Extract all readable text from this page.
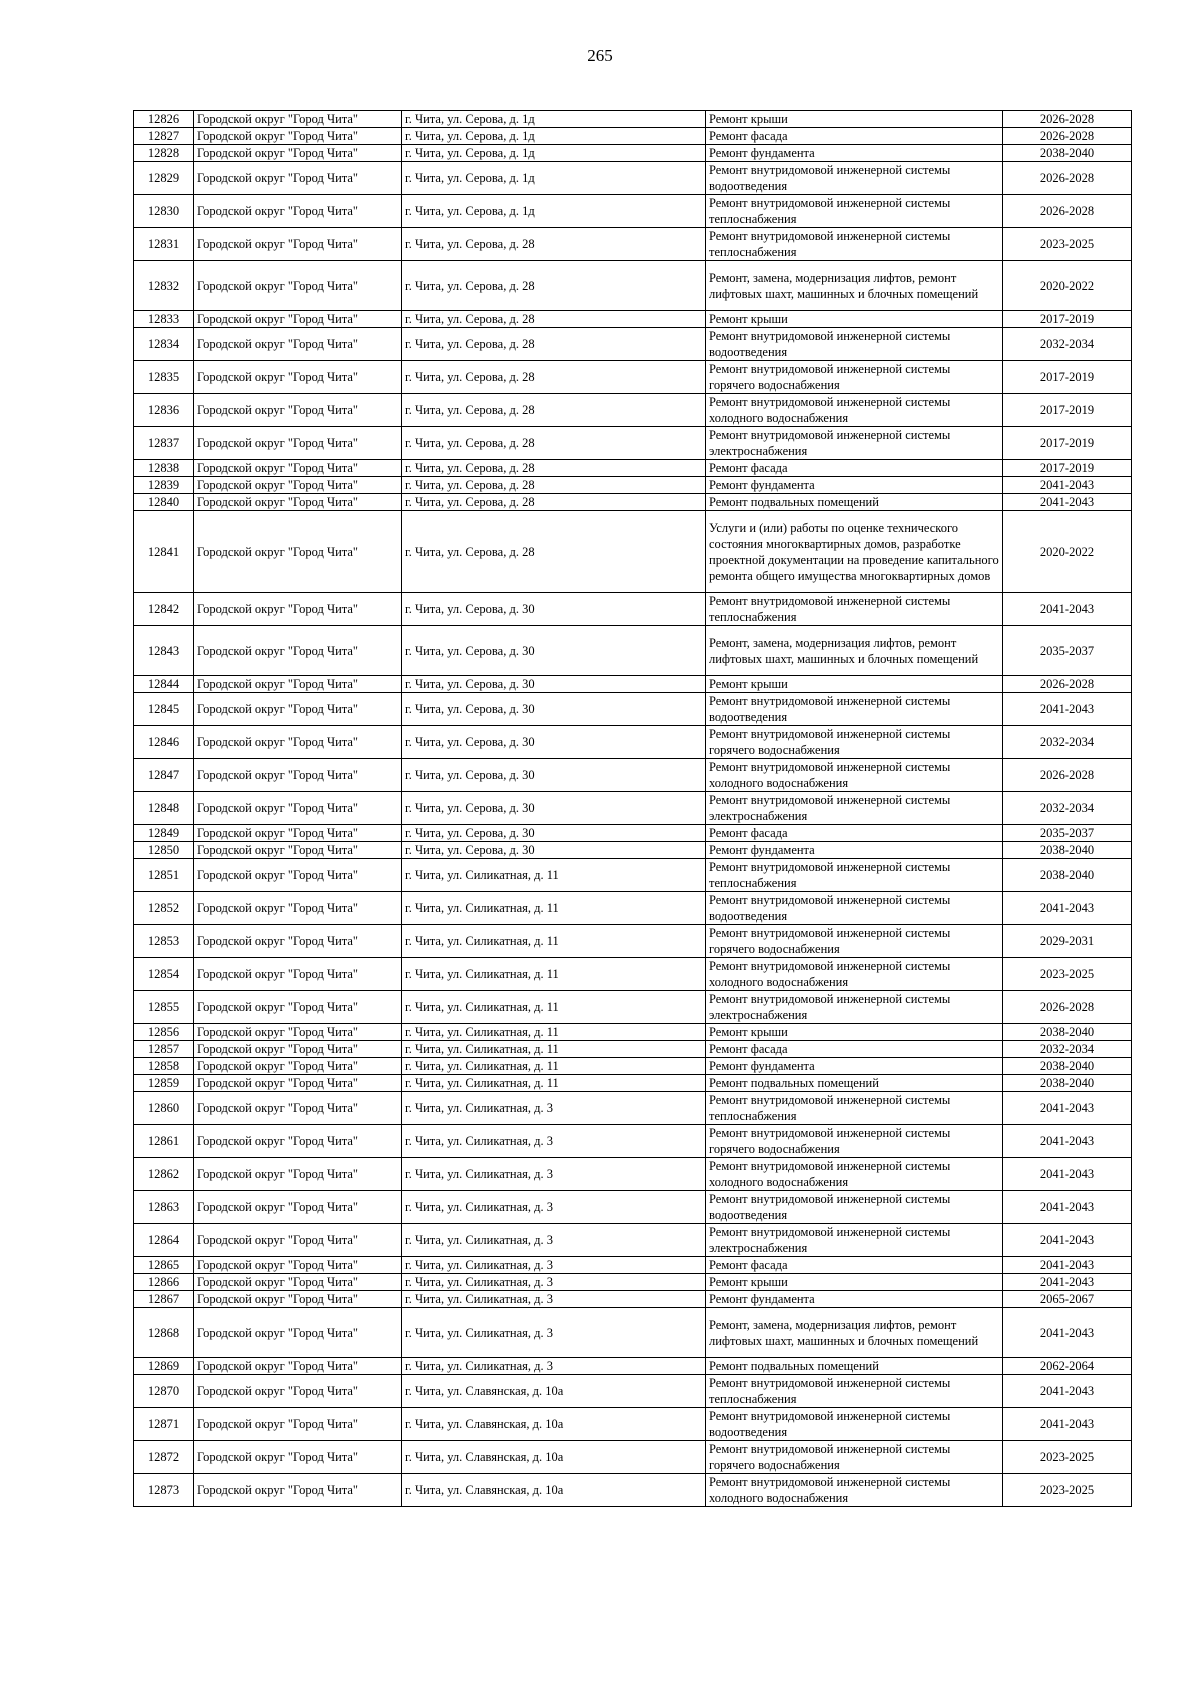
265
12826	Городской округ "Город Чита"	г. Чита, ул. Серова, д. 1д	Ремонт крыши	2026-2028
12827	Городской округ "Город Чита"	г. Чита, ул. Серова, д. 1д	Ремонт фасада	2026-2028
12828	Городской округ "Город Чита"	г. Чита, ул. Серова, д. 1д	Ремонт фундамента	2038-2040
12829	Городской округ "Город Чита"	г. Чита, ул. Серова, д. 1д	Ремонт внутридомовой инженерной системы водоотведения	2026-2028
12830	Городской округ "Город Чита"	г. Чита, ул. Серова, д. 1д	Ремонт внутридомовой инженерной системы теплоснабжения	2026-2028
12831	Городской округ "Город Чита"	г. Чита, ул. Серова, д. 28	Ремонт внутридомовой инженерной системы теплоснабжения	2023-2025
12832	Городской округ "Город Чита"	г. Чита, ул. Серова, д. 28	Ремонт, замена, модернизация лифтов, ремонт лифтовых шахт, машинных и блочных помещений	2020-2022
12833	Городской округ "Город Чита"	г. Чита, ул. Серова, д. 28	Ремонт крыши	2017-2019
12834	Городской округ "Город Чита"	г. Чита, ул. Серова, д. 28	Ремонт внутридомовой инженерной системы водоотведения	2032-2034
12835	Городской округ "Город Чита"	г. Чита, ул. Серова, д. 28	Ремонт внутридомовой инженерной системы горячего водоснабжения	2017-2019
12836	Городской округ "Город Чита"	г. Чита, ул. Серова, д. 28	Ремонт внутридомовой инженерной системы холодного водоснабжения	2017-2019
12837	Городской округ "Город Чита"	г. Чита, ул. Серова, д. 28	Ремонт внутридомовой инженерной системы электроснабжения	2017-2019
12838	Городской округ "Город Чита"	г. Чита, ул. Серова, д. 28	Ремонт фасада	2017-2019
12839	Городской округ "Город Чита"	г. Чита, ул. Серова, д. 28	Ремонт фундамента	2041-2043
12840	Городской округ "Город Чита"	г. Чита, ул. Серова, д. 28	Ремонт подвальных помещений	2041-2043
12841	Городской округ "Город Чита"	г. Чита, ул. Серова, д. 28	Услуги и (или) работы по оценке технического состояния многоквартирных домов, разработке проектной документации на проведение капитального ремонта общего имущества многоквартирных домов	2020-2022
12842	Городской округ "Город Чита"	г. Чита, ул. Серова, д. 30	Ремонт внутридомовой инженерной системы теплоснабжения	2041-2043
12843	Городской округ "Город Чита"	г. Чита, ул. Серова, д. 30	Ремонт, замена, модернизация лифтов, ремонт лифтовых шахт, машинных и блочных помещений	2035-2037
12844	Городской округ "Город Чита"	г. Чита, ул. Серова, д. 30	Ремонт крыши	2026-2028
12845	Городской округ "Город Чита"	г. Чита, ул. Серова, д. 30	Ремонт внутридомовой инженерной системы водоотведения	2041-2043
12846	Городской округ "Город Чита"	г. Чита, ул. Серова, д. 30	Ремонт внутридомовой инженерной системы горячего водоснабжения	2032-2034
12847	Городской округ "Город Чита"	г. Чита, ул. Серова, д. 30	Ремонт внутридомовой инженерной системы холодного водоснабжения	2026-2028
12848	Городской округ "Город Чита"	г. Чита, ул. Серова, д. 30	Ремонт внутридомовой инженерной системы электроснабжения	2032-2034
12849	Городской округ "Город Чита"	г. Чита, ул. Серова, д. 30	Ремонт фасада	2035-2037
12850	Городской округ "Город Чита"	г. Чита, ул. Серова, д. 30	Ремонт фундамента	2038-2040
12851	Городской округ "Город Чита"	г. Чита, ул. Силикатная, д. 11	Ремонт внутридомовой инженерной системы теплоснабжения	2038-2040
12852	Городской округ "Город Чита"	г. Чита, ул. Силикатная, д. 11	Ремонт внутридомовой инженерной системы водоотведения	2041-2043
12853	Городской округ "Город Чита"	г. Чита, ул. Силикатная, д. 11	Ремонт внутридомовой инженерной системы горячего водоснабжения	2029-2031
12854	Городской округ "Город Чита"	г. Чита, ул. Силикатная, д. 11	Ремонт внутридомовой инженерной системы холодного водоснабжения	2023-2025
12855	Городской округ "Город Чита"	г. Чита, ул. Силикатная, д. 11	Ремонт внутридомовой инженерной системы электроснабжения	2026-2028
12856	Городской округ "Город Чита"	г. Чита, ул. Силикатная, д. 11	Ремонт крыши	2038-2040
12857	Городской округ "Город Чита"	г. Чита, ул. Силикатная, д. 11	Ремонт фасада	2032-2034
12858	Городской округ "Город Чита"	г. Чита, ул. Силикатная, д. 11	Ремонт фундамента	2038-2040
12859	Городской округ "Город Чита"	г. Чита, ул. Силикатная, д. 11	Ремонт подвальных помещений	2038-2040
12860	Городской округ "Город Чита"	г. Чита, ул. Силикатная, д. 3	Ремонт внутридомовой инженерной системы теплоснабжения	2041-2043
12861	Городской округ "Город Чита"	г. Чита, ул. Силикатная, д. 3	Ремонт внутридомовой инженерной системы горячего водоснабжения	2041-2043
12862	Городской округ "Город Чита"	г. Чита, ул. Силикатная, д. 3	Ремонт внутридомовой инженерной системы холодного водоснабжения	2041-2043
12863	Городской округ "Город Чита"	г. Чита, ул. Силикатная, д. 3	Ремонт внутридомовой инженерной системы водоотведения	2041-2043
12864	Городской округ "Город Чита"	г. Чита, ул. Силикатная, д. 3	Ремонт внутридомовой инженерной системы электроснабжения	2041-2043
12865	Городской округ "Город Чита"	г. Чита, ул. Силикатная, д. 3	Ремонт фасада	2041-2043
12866	Городской округ "Город Чита"	г. Чита, ул. Силикатная, д. 3	Ремонт крыши	2041-2043
12867	Городской округ "Город Чита"	г. Чита, ул. Силикатная, д. 3	Ремонт фундамента	2065-2067
12868	Городской округ "Город Чита"	г. Чита, ул. Силикатная, д. 3	Ремонт, замена, модернизация лифтов, ремонт лифтовых шахт, машинных и блочных помещений	2041-2043
12869	Городской округ "Город Чита"	г. Чита, ул. Силикатная, д. 3	Ремонт подвальных помещений	2062-2064
12870	Городской округ "Город Чита"	г. Чита, ул. Славянская, д. 10а	Ремонт внутридомовой инженерной системы теплоснабжения	2041-2043
12871	Городской округ "Город Чита"	г. Чита, ул. Славянская, д. 10а	Ремонт внутридомовой инженерной системы водоотведения	2041-2043
12872	Городской округ "Город Чита"	г. Чита, ул. Славянская, д. 10а	Ремонт внутридомовой инженерной системы горячего водоснабжения	2023-2025
12873	Городской округ "Город Чита"	г. Чита, ул. Славянская, д. 10а	Ремонт внутридомовой инженерной системы холодного водоснабжения	2023-2025
